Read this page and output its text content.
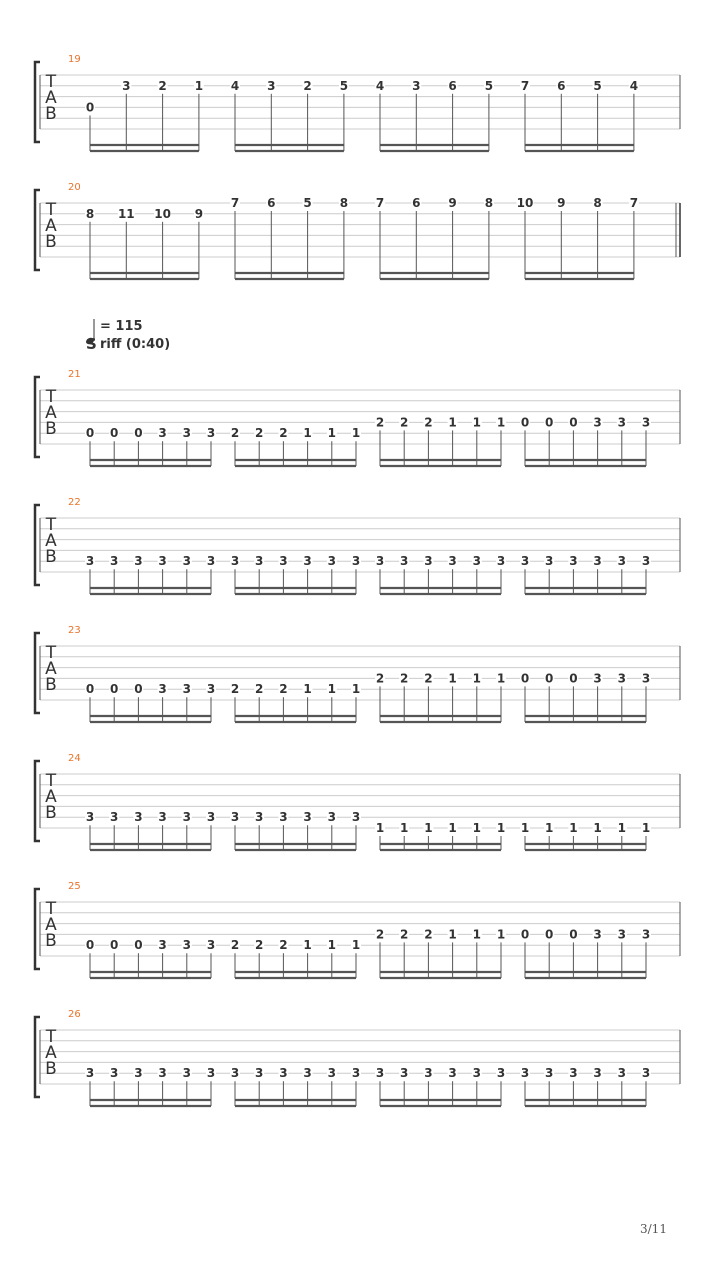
= 115
S riff (0:40)
19
T
A
B 0
3 2 1 4 3 2 5 4 3 6 5 7 6 5 4
20
T
A
B
8 11 10 9
7 6 5 8 7 6 9 8 10 9 8 7
21
T
A
B 0 0 0 3 3 3 2 2 2 1 1 1
2 2 2 1 1 1 0 0 0 3 3 3
22
T
A
B 3 3 3 3 3 3 3 3 3 3 3 3 3 3 3 3 3 3 3 3 3 3 3 3
23
T
A
B 0 0 0 3 3 3 2 2 2 1 1 1
2 2 2 1 1 1 0 0 0 3 3 3
24
T
A
B 3 3 3 3 3 3 3 3 3 3 3 3
1 1 1 1 1 1 1 1 1 1 1 1
25
T
A
B 0 0 0 3 3 3 2 2 2 1 1 1
2 2 2 1 1 1 0 0 0 3 3 3
26
T
A
B 3 3 3 3 3 3 3 3 3 3 3 3 3 3 3 3 3 3 3 3 3 3 3 3
3/11
